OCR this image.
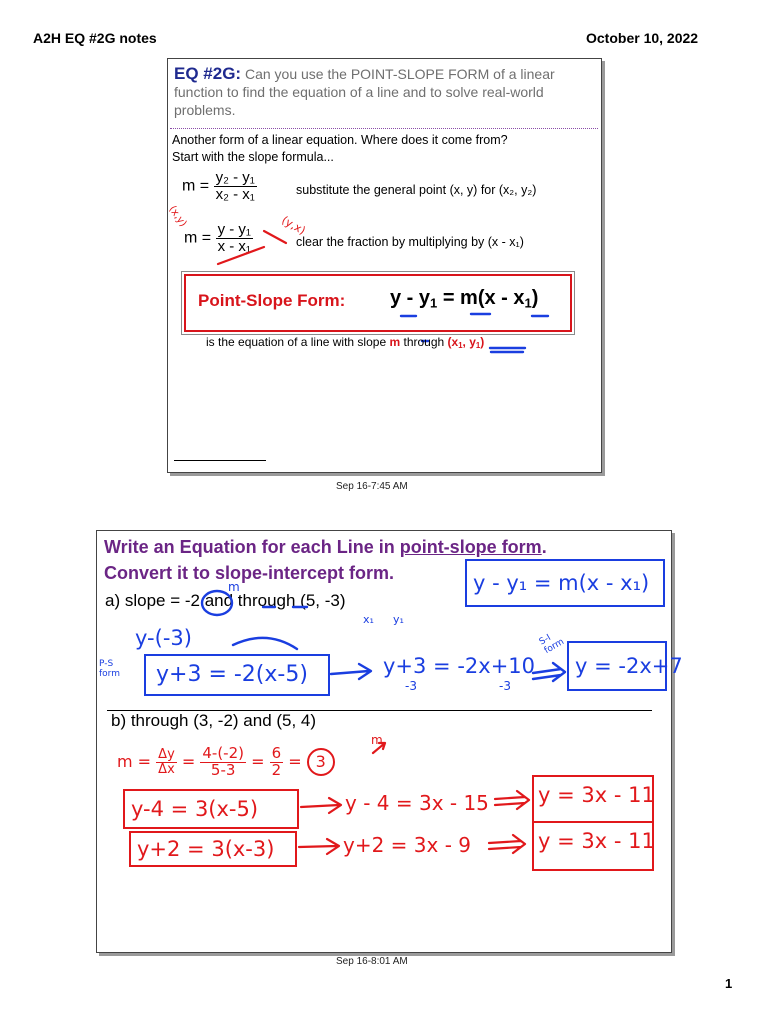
A2H EQ #2G notes	October 10, 2022
EQ #2G: Can you use the POINT-SLOPE FORM of a linear function to find the equation of a line and to solve real-world problems.
Another form of a linear equation. Where does it come from?
Start with the slope formula...
$m = \frac{\text{y₂ - y₁}}{\text{x₂ - x₁}}$	substitute the general point (x, y) for (x₂, y₂)
$m = \frac{\text{y - y₁}}{\text{x - x₁}}$	clear the fraction by multiplying by (x - x₁)
(x,y)	(y,x)
Point-Slope Form: $y - y_1 = m(x - x_1)$
is the equation of a line with slope m through ($x_1$, $y_1$)
Sep 16-7:45 AM
Write an Equation for each Line in point-slope form.
Convert it to slope-intercept form.
a) slope = -2 and through (5, -3)
b) through (3, -2) and (5, 4)
y - y₁ = m(x - x₁)
m
x₁ y₁
y-(-3)
P-S form	y+3 = -2(x-5)	y+3 = -2x+10
-3	-3
S-I form
y = -2x+7
$m = \frac{\Delta y}{\Delta x} = \frac{4-(-2)}{5-3} = \frac{6}{2} = 3$
m
y-4 = 3(x-5)	y - 4 = 3x - 15
y+2 = 3(x-3)	y+2 = 3x - 9
y = 3x - 11
y = 3x - 11
Sep 16-8:01 AM
1
